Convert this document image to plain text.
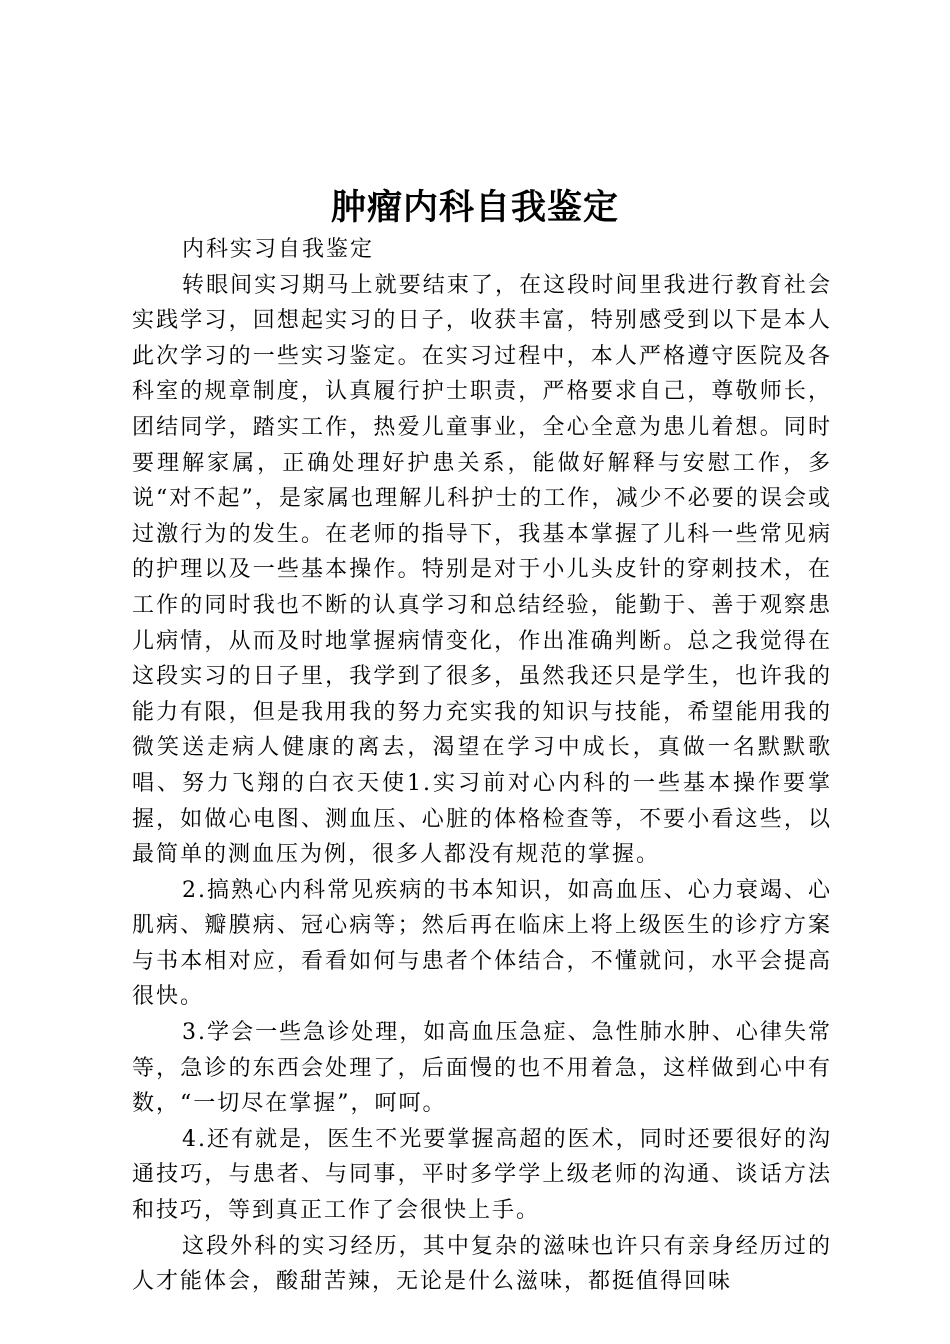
肿瘤内科自我鉴定

内科实习自我鉴定

转眼间实习期马上就要结束了，在这段时间里我进行教育社会实践学习，回想起实习的日子，收获丰富，特别感受到以下是本人此次学习的一些实习鉴定。在实习过程中，本人严格遵守医院及各科室的规章制度，认真履行护士职责，严格要求自己，尊敬师长，团结同学，踏实工作，热爱儿童事业，全心全意为患儿着想。同时要理解家属，正确处理好护患关系，能做好解释与安慰工作，多说“对不起”，是家属也理解儿科护士的工作，减少不必要的误会或过激行为的发生。在老师的指导下，我基本掌握了儿科一些常见病的护理以及一些基本操作。特别是对于小儿头皮针的穿刺技术，在工作的同时我也不断的认真学习和总结经验，能勤于、善于观察患儿病情，从而及时地掌握病情变化，作出准确判断。总之我觉得在这段实习的日子里，我学到了很多，虽然我还只是学生，也许我的能力有限，但是我用我的努力充实我的知识与技能，希望能用我的微笑送走病人健康的离去，渴望在学习中成长，真做一名默默歌唱、努力飞翔的白衣天使1.实习前对心内科的一些基本操作要掌握，如做心电图、测血压、心脏的体格检查等，不要小看这些，以最简单的测血压为例，很多人都没有规范的掌握。

2.搞熟心内科常见疾病的书本知识，如高血压、心力衰竭、心肌病、瓣膜病、冠心病等；然后再在临床上将上级医生的诊疗方案与书本相对应，看看如何与患者个体结合，不懂就问，水平会提高很快。

3.学会一些急诊处理，如高血压急症、急性肺水肿、心律失常等，急诊的东西会处理了，后面慢的也不用着急，这样做到心中有数，“一切尽在掌握”，呵呵。

4.还有就是，医生不光要掌握高超的医术，同时还要很好的沟通技巧，与患者、与同事，平时多学学上级老师的沟通、谈话方法和技巧，等到真正工作了会很快上手。

这段外科的实习经历，其中复杂的滋味也许只有亲身经历过的人才能体会，酸甜苦辣，无论是什么滋味，都挺值得回味
